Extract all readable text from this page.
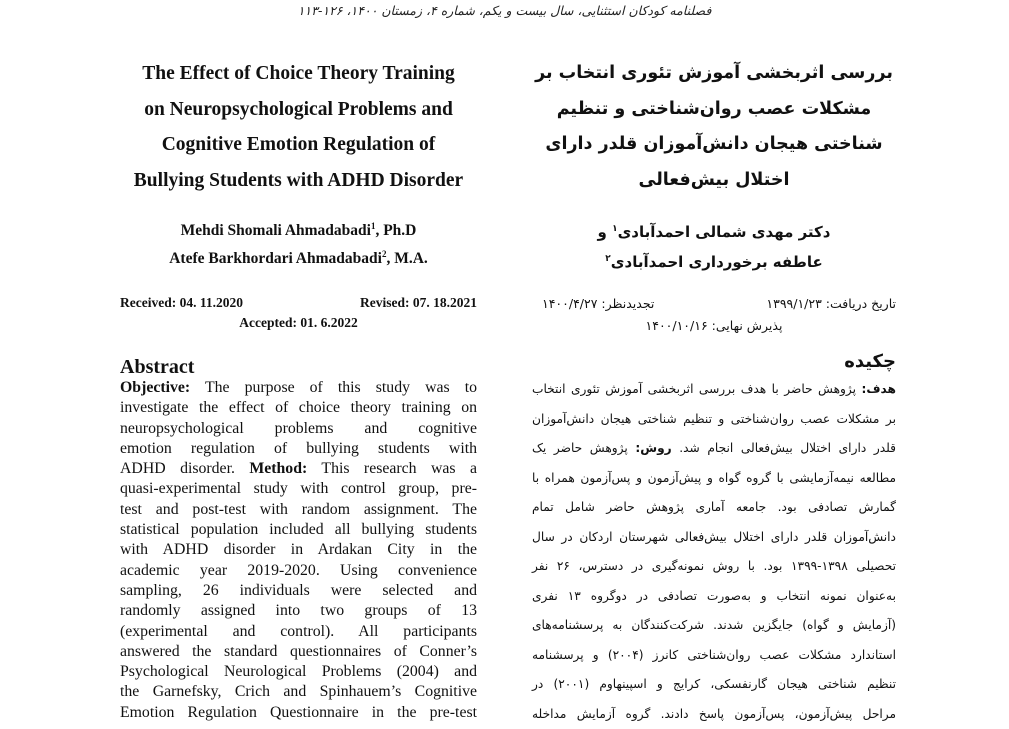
فصلنامه کودکان استثنایی، سال بیست و یکم، شماره ۴، زمستان ۱۴۰۰، ۱۲۶-۱۱۳

The Effect of Choice Theory Training

on Neuropsychological Problems and

Cognitive Emotion Regulation of

Bullying Students with ADHD Disorder

Mehdi Shomali Ahmadabadi$^1$, Ph.D
Atefe Barkhordari Ahmadabadi$^2$, M.A.
Received: 04. 11.2020	Revised: 07. 18.2021
Accepted: 01. 6.2022
Abstract
Objective: The purpose of this study was to
investigate the effect of choice theory training on
neuropsychological problems and cognitive
emotion regulation of bullying students with
ADHD disorder. Method: This research was a
quasi-experimental study with control group, pre-
test and post-test with random assignment. The
statistical population included all bullying students
with ADHD disorder in Ardakan City in the
academic year 2019-2020. Using convenience
sampling, 26 individuals were selected and
randomly assigned into two groups of 13
(experimental and control). All participants
answered the standard questionnaires of Conner’s
Psychological Neurological Problems (2004) and
the Garnefsky, Crich and Spinhauem’s Cognitive
Emotion Regulation Questionnaire in the pre-test

بررسی اثربخشی آموزش تئوری انتخاب بر

مشکلات عصب روان‌شناختی و تنظیم

شناختی هیجان دانش‌آموزان قلدر دارای

اختلال بیش‌فعالی

دکتر مهدی شمالی احمدآبادی$^۱$ و
عاطفه برخورداری احمدآبادی$^۲$
تاریخ دریافت: ۱۳۹۹/۱/۲۳
تجدیدنظر: ۱۴۰۰/۴/۲۷
پذیرش نهایی: ۱۴۰۰/۱۰/۱۶
چکیده
هدف: پژوهش حاضر با هدف بررسی اثربخشی آموزش تئوری انتخاب
بر مشکلات عصب روان‌شناختی و تنظیم شناختی هیجان دانش‌آموزان
قلدر دارای اختلال بیش‌فعالی انجام شد. روش: پژوهش حاضر یک
مطالعه نیمه‌آزمایشی با گروه گواه و پیش‌آزمون و پس‌آزمون همراه با
گمارش تصادفی بود. جامعه آماری پژوهش حاضر شامل تمام
دانش‌آموزان قلدر دارای اختلال بیش‌فعالی شهرستان اردکان در سال
تحصیلی ۱۳۹۸-۱۳۹۹ بود. با روش نمونه‌گیری در دسترس، ۲۶ نفر
به‌عنوان نمونه انتخاب و به‌صورت تصادفی در دوگروه ۱۳ نفری
(آزمایش و گواه) جایگزین شدند. شرکت‌کنندگان به پرسشنامه‌های
استاندارد مشکلات عصب روان‌شناختی کانرز (۲۰۰۴) و پرسشنامه
تنظیم شناختی هیجان گارنفسکی، کرایج و اسپینهاوم (۲۰۰۱) در
مراحل پیش‌آزمون، پس‌آزمون پاسخ دادند. گروه آزمایش مداخله
